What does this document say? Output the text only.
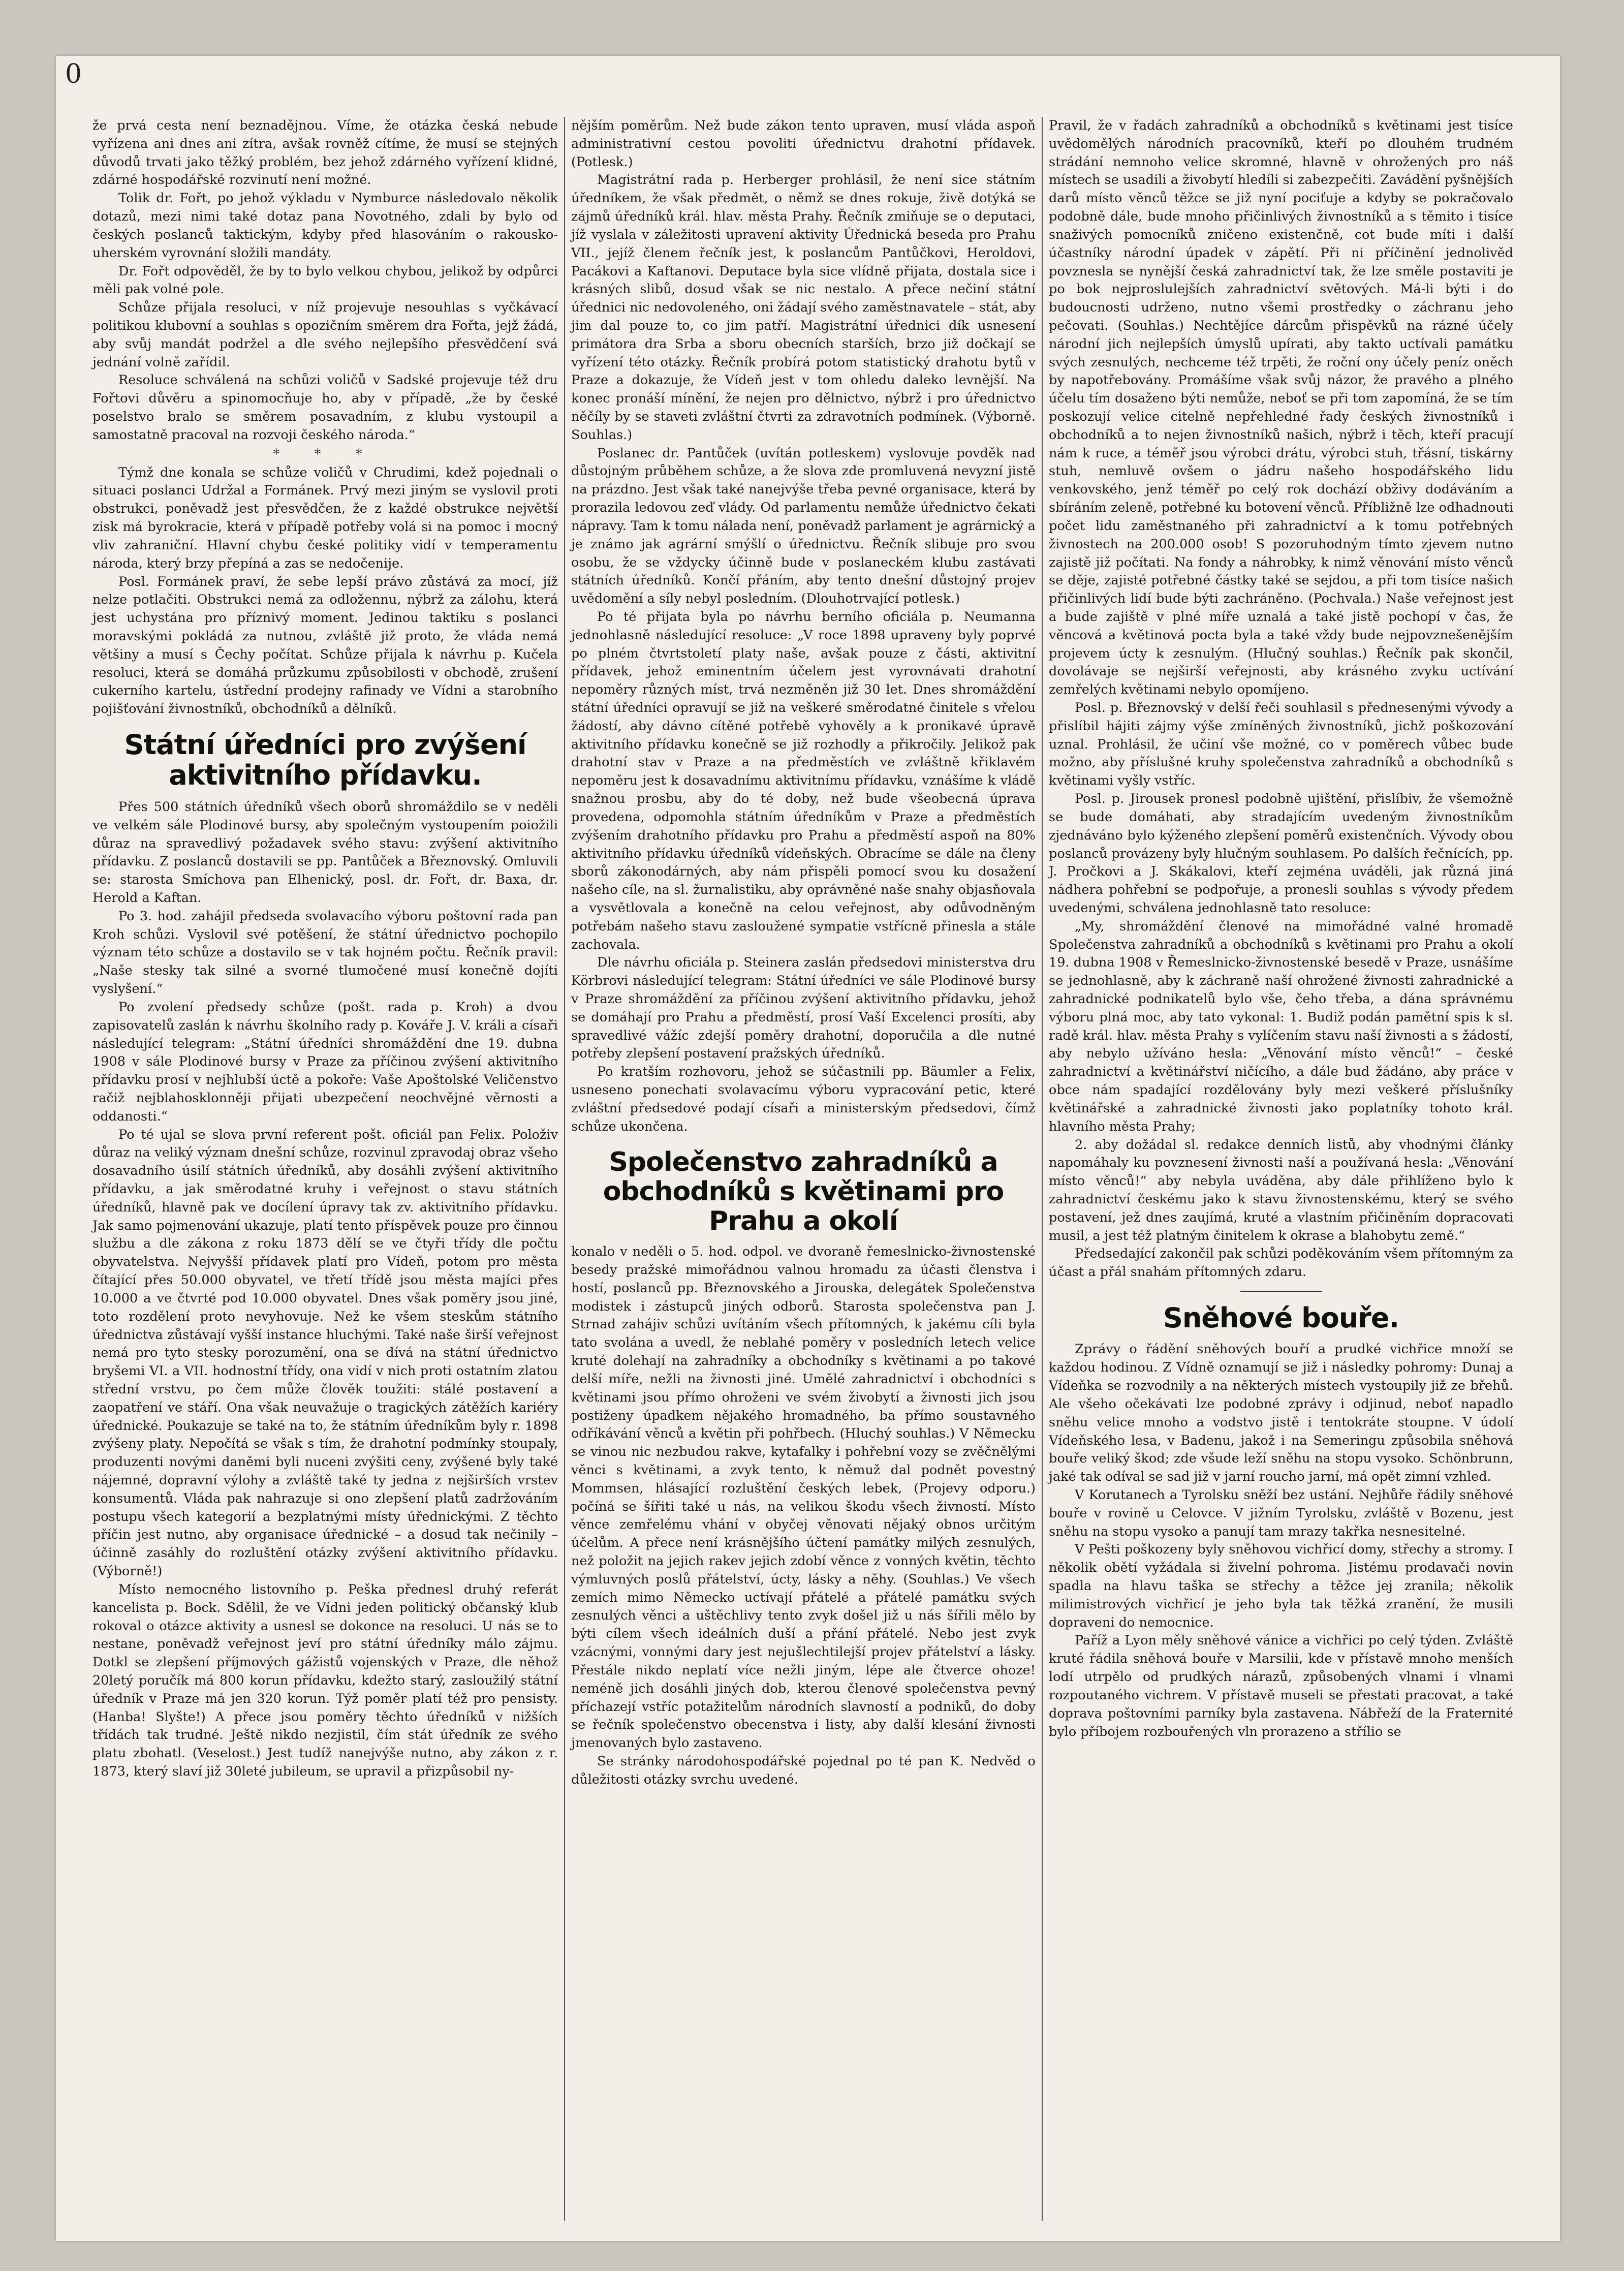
0

že prvá cesta není beznadějnou. Víme, že otázka česká nebude vyřízena ani dnes ani zítra, avšak rovněž cítíme, že musí se stejných důvodů trvati jako těžký problém, bez jehož zdárného vyřízení klidné, zdárné hospodářské rozvinutí není možné.

Tolik dr. Fořt, po jehož výkladu v Nymburce následovalo několik dotazů, mezi nimi také dotaz pana Novotného, zdali by bylo od českých poslanců taktickým, kdyby před hlasováním o rakousko-uherském vyrovnání složili mandáty.

Dr. Fořt odpověděl, že by to bylo velkou chybou, jelikož by odpůrci měli pak volné pole.

Schůze přijala resoluci, v níž projevuje nesouhlas s vyčkávací politikou klubovní a souhlas s opozičním směrem dra Fořta, jejž žádá, aby svůj mandát podržel a dle svého nejlepšího přesvědčení svá jednání volně zařídil.

Resoluce schválená na schůzi voličů v Sadské projevuje též dru Fořtovi důvěru a spinomocňuje ho, aby v případě, „že by české poselstvo bralo se směrem posavadním, z klubu vystoupil a samostatně pracoval na rozvoji českého národa.“

* * *

Týmž dne konala se schůze voličů v Chrudimi, kdež pojednali o situaci poslanci Udržal a Formánek. Prvý mezi jiným se vyslovil proti obstrukci, poněvadž jest přesvědčen, že z každé obstrukce největší zisk má byrokracie, která v případě potřeby volá si na pomoc i mocný vliv zahraniční. Hlavní chybu české politiky vidí v temperamentu národa, který brzy přepíná a zas se nedočenije.

Posl. Formánek praví, že sebe lepší právo zůstává za mocí, jíž nelze potlačiti. Obstrukci nemá za odložennu, nýbrž za zálohu, která jest uchystána pro příznivý moment. Jedinou taktiku s poslanci moravskými pokládá za nutnou, zvláště již proto, že vláda nemá většiny a musí s Čechy počítat. Schůze přijala k návrhu p. Kučela resoluci, která se domáhá průzkumu způsobilosti v obchodě, zrušení cukerního kartelu, ústřední prodejny rafinady ve Vídni a starobního pojišťování živnostníků, obchodníků a dělníků.

Státní úředníci pro zvýšení aktivitního přídavku.

Přes 500 státních úředníků všech oborů shromáždilo se v neděli ve velkém sále Plodinové bursy, aby společným vystoupením poiožili důraz na spravedlivý požadavek svého stavu: zvýšení aktivitního přídavku. Z poslanců dostavili se pp. Pantůček a Březnovský. Omluvili se: starosta Smíchova pan Elhenický, posl. dr. Fořt, dr. Baxa, dr. Herold a Kaftan.

Po 3. hod. zahájil předseda svolavacího výboru poštovní rada pan Kroh schůzi. Vyslovil své potěšení, že státní úřednictvo pochopilo význam této schůze a dostavilo se v tak hojném počtu. Řečník pravil: „Naše stesky tak silné a svorné tlumočené musí konečně dojíti vyslyšení.“

Po zvolení předsedy schůze (pošt. rada p. Kroh) a dvou zapisovatelů zaslán k návrhu školního rady p. Kováře J. V. králi a císaři následující telegram: „Státní úředníci shromáždění dne 19. dubna 1908 v sále Plodinové bursy v Praze za příčinou zvýšení aktivitního přídavku prosí v nejhlubší úctě a pokoře: Vaše Apoštolské Veličenstvo račiž nejblahosklonněji přijati ubezpečení neochvějné věrnosti a oddanosti.“

Po té ujal se slova první referent pošt. oficiál pan Felix. Položiv důraz na veliký význam dnešní schůze, rozvinul zpravodaj obraz všeho dosavadního úsilí státních úředníků, aby dosáhli zvýšení aktivitního přídavku, a jak směrodatné kruhy i veřejnost o stavu státních úředníků, hlavně pak ve docílení úpravy tak zv. aktivitního přídavku. Jak samo pojmenování ukazuje, platí tento příspěvek pouze pro činnou službu a dle zákona z roku 1873 dělí se ve čtyři třídy dle počtu obyvatelstva. Nejvyšší přídavek platí pro Vídeň, potom pro města čítající přes 50.000 obyvatel, ve třetí třídě jsou města majíci přes 10.000 a ve čtvrté pod 10.000 obyvatel. Dnes však poměry jsou jiné, toto rozdělení proto nevyhovuje. Než ke všem steskům státního úřednictva zůstávají vyšší instance hluchými. Také naše širší veřejnost nemá pro tyto stesky porozumění, ona se dívá na státní úřednictvo bryšemi VI. a VII. hodnostní třídy, ona vidí v nich proti ostatním zlatou střední vrstvu, po čem může člověk toužiti: stálé postavení a zaopatření ve stáří. Ona však neuvažuje o tragických zátěžích kariéry úřednické. Poukazuje se také na to, že státním úředníkům byly r. 1898 zvýšeny platy. Nepočítá se však s tím, že drahotní podmínky stoupaly, produzenti novými daněmi byli nuceni zvýšiti ceny, zvýšené byly také nájemné, dopravní výlohy a zvláště také ty jedna z nejširších vrstev konsumentů. Vláda pak nahrazuje si ono zlepšení platů zadržováním postupu všech kategorií a bezplatnými místy úřednickými. Z těchto příčin jest nutno, aby organisace úřednické – a dosud tak nečinily – účinně zasáhly do rozluštění otázky zvýšení aktivitního přídavku. (Výborně!)

Místo nemocného listovního p. Peška přednesl druhý referát kancelista p. Bock. Sdělil, že ve Vídni jeden politický občanský klub rokoval o otázce aktivity a usnesl se dokonce na resoluci. U nás se to nestane, poněvadž veřejnost jeví pro státní úředníky málo zájmu. Dotkl se zlepšení příjmových gážistů vojenských v Praze, dle něhož 20letý poručík má 800 korun přídavku, kdežto starý, zasloužilý státní úředník v Praze má jen 320 korun. Týž poměr platí též pro pensisty. (Hanba! Slyšte!) A přece jsou poměry těchto úředníků v nižších třídách tak trudné. Ještě nikdo nezjistil, čím stát úředník ze svého platu zbohatl. (Veselost.) Jest tudíž nanejvýše nutno, aby zákon z r. 1873, který slaví již 30leté jubileum, se upravil a přizpůsobil ny-

nějším poměrům. Než bude zákon tento upraven, musí vláda aspoň administrativní cestou povoliti úřednictvu drahotní přídavek. (Potlesk.)

Magistrátní rada p. Herberger prohlásil, že není sice státním úředníkem, že však předmět, o němž se dnes rokuje, živě dotýká se zájmů úředníků král. hlav. města Prahy. Řečník zmiňuje se o deputaci, jíž vyslala v záležitosti upravení aktivity Úřednická beseda pro Prahu VII., jejíž členem řečník jest, k poslancům Pantůčkovi, Heroldovi, Pacákovi a Kaftanovi. Deputace byla sice vlídně přijata, dostala sice i krásných slibů, dosud však se nic nestalo. A přece nečiní státní úřednici nic nedovoleného, oni žádají svého zaměstnavatele – stát, aby jim dal pouze to, co jim patří. Magistrátní úřednici dík usnesení primátora dra Srba a sboru obecních starších, brzo již dočkají se vyřízení této otázky. Řečník probírá potom statistický drahotu bytů v Praze a dokazuje, že Vídeň jest v tom ohledu daleko levnější. Na konec pronáší mínění, že nejen pro dělnictvo, nýbrž i pro úřednictvo něčíly by se staveti zvláštní čtvrti za zdravotních podmínek. (Výborně. Souhlas.)

Poslanec dr. Pantůček (uvítán potleskem) vyslovuje povděk nad důstojným průběhem schůze, a že slova zde promluvená nevyzní jistě na prázdno. Jest však také nanejvýše třeba pevné organisace, která by prorazila ledovou zeď vlády. Od parlamentu nemůže úřednictvo čekati nápravy. Tam k tomu nálada není, poněvadž parlament je agrárnický a je známo jak agrární smýšlí o úřednictvu. Řečník slibuje pro svou osobu, že se vždycky účinně bude v poslaneckém klubu zastávati státních úředníků. Končí přáním, aby tento dnešní důstojný projev uvědomění a síly nebyl posledním. (Dlouhotrvající potlesk.)

Po té přijata byla po návrhu berního oficiála p. Neumanna jednohlasně následující resoluce: „V roce 1898 upraveny byly poprvé po plném čtvrtstoletí platy naše, avšak pouze z části, aktivitní přídavek, jehož eminentním účelem jest vyrovnávati drahotní nepoměry různých míst, trvá nezměněn již 30 let. Dnes shromáždění státní úředníci opravují se již na veškeré směrodatné činitele s vřelou žádostí, aby dávno cítěné potřebě vyhověly a k pronikavé úpravě aktivitního přídavku konečně se již rozhodly a přikročily. Jelikož pak drahotní stav v Praze a na předměstích ve zvláštně křiklavém nepoměru jest k dosavadnímu aktivitnímu přídavku, vznášíme k vládě snažnou prosbu, aby do té doby, než bude všeobecná úprava provedena, odpomohla státním úředníkům v Praze a předměstích zvýšením drahotního přídavku pro Prahu a předměstí aspoň na 80% aktivitního přídavku úředníků vídeňských. Obracíme se dále na členy sborů zákonodárných, aby nám přispěli pomocí svou ku dosažení našeho cíle, na sl. žurnalistiku, aby oprávněné naše snahy objasňovala a vysvětlovala a konečně na celou veřejnost, aby odůvodněným potřebám našeho stavu zasloužené sympatie vstřícně přinesla a stále zachovala.

Dle návrhu oficiála p. Steinera zaslán předsedovi ministerstva dru Körbrovi následující telegram: Státní úředníci ve sále Plodinové bursy v Praze shromáždění za příčinou zvýšení aktivitního přídavku, jehož se domáhají pro Prahu a předměstí, prosí Vaší Excelenci prosíti, aby spravedlivé vážíc zdejší poměry drahotní, doporučila a dle nutné potřeby zlepšení postavení pražských úředníků.

Po kratším rozhovoru, jehož se súčastnili pp. Bäumler a Felix, usneseno ponechati svolavacímu výboru vypracování petic, které zvláštní předsedové podají císaři a ministerským předsedovi, čímž schůze ukončena.

Společenstvo zahradníků a obchodníků s květinami pro Prahu a okolí

konalo v neděli o 5. hod. odpol. ve dvoraně řemeslnicko-živnostenské besedy pražské mimořádnou valnou hromadu za účasti členstva i hostí, poslanců pp. Březnovského a Jirouska, delegátek Společenstva modistek i zástupců jiných odborů. Starosta společenstva pan J. Strnad zahájiv schůzi uvítáním všech přítomných, k jakému cíli byla tato svolána a uvedl, že neblahé poměry v posledních letech velice kruté dolehají na zahradníky a obchodníky s květinami a po takové delší míře, nežli na živnosti jiné. Umělé zahradnictví i obchodníci s květinami jsou přímo ohroženi ve svém živobytí a živnosti jich jsou postiženy úpadkem nějakého hromadného, ba přímo soustavného odříkávání věnců a květin při pohřbech. (Hluchý souhlas.) V Německu se vinou nic nezbudou rakve, kytafalky i pohřební vozy se zvěčnělými věnci s květinami, a zvyk tento, k němuž dal podnět povestný Mommsen, hlásající rozluštění českých lebek, (Projevy odporu.) počíná se šířiti také u nás, na velikou škodu všech živností. Místo věnce zemřelému vhání v obyčej věnovati nějaký obnos určitým účelům. A přece není krásnějšího účtení památky milých zesnulých, než položit na jejich rakev jejich zdobí věnce z vonných květin, těchto výmluvných poslů přátelství, úcty, lásky a něhy. (Souhlas.) Ve všech zemích mimo Německo uctívají přátelé a přátelé památku svých zesnulých věnci a uštěchlivy tento zvyk došel již u nás šířili mělo by býti cílem všech ideálních duší a přání přátelé. Nebo jest zvyk vzácnými, vonnými dary jest nejušlechtilejší projev přátelství a lásky. Přestále nikdo neplatí více nežli jiným, lépe ale čtverce ohoze! neméně jich dosáhli jiných dob, kterou členové společenstva pevný příchazejí vstříc potažitelům národních slavností a podniků, do doby se řečník společenstvo obecenstva i listy, aby další klesání živnosti jmenovaných bylo zastaveno.

Se stránky národohospodářské pojednal po té pan K. Nedvěd o důležitosti otázky svrchu uvedené.

Pravil, že v řadách zahradníků a obchodníků s květinami jest tisíce uvědomělých národních pracovníků, kteří po dlouhém trudném strádání nemnoho velice skromné, hlavně v ohrožených pro náš místech se usadili a živobytí hledíli si zabezpečiti. Zavádění pyšnějších darů místo věnců těžce se již nyní pociťuje a kdyby se pokračovalo podobně dále, bude mnoho přičinlivých živnostníků a s těmito i tisíce snaživých pomocníků zničeno existenčně, cot bude míti i další účastníky národní úpadek v zápětí. Při ni příčinění jednolivěd povznesla se nynější česká zahradnictví tak, že lze směle postaviti je po bok nejproslulejších zahradnictví světových. Má-li býti i do budoucnosti udrženo, nutno všemi prostředky o záchranu jeho pečovati. (Souhlas.) Nechtějíce dárcům přispěvků na rázné účely národní jich nejlepších úmyslů upírati, aby takto uctívali památku svých zesnulých, nechceme též trpěti, že roční ony účely peníz oněch by napotřebovány. Promášíme však svůj názor, že pravého a plného účelu tím dosaženo býti nemůže, neboť se při tom zapomíná, že se tím poskozují velice citelně nepřehledné řady českých živnostníků i obchodníků a to nejen živnostníků našich, nýbrž i těch, kteří pracují nám k ruce, a téměř jsou výrobci drátu, výrobci stuh, třásní, tiskárny stuh, nemluvě ovšem o jádru našeho hospodářského lidu venkovského, jenž téměř po celý rok dochází obživy dodáváním a sbíráním zeleně, potřebné ku botovení věnců. Příbližně lze odhadnouti počet lidu zaměstnaného při zahradnictví a k tomu potřebných živnostech na 200.000 osob! S pozoruhodným tímto zjevem nutno zajistě již počítati. Na fondy a náhrobky, k nimž věnování místo věnců se děje, zajisté potřebné částky také se sejdou, a při tom tisíce našich přičinlivých lidí bude býti zachráněno. (Pochvala.) Naše veřejnost jest a bude zajiště v plné míře uznalá a také jistě pochopí v čas, že věncová a květinová pocta byla a také vždy bude nejpovznešenějším projevem úcty k zesnulým. (Hlučný souhlas.) Řečník pak skončil, dovolávaje se nejširší veřejnosti, aby krásného zvyku uctívání zemřelých květinami nebylo opomíjeno.

Posl. p. Březnovský v delší řeči souhlasil s přednesenými vývody a přislíbil hájiti zájmy výše zmíněných živnostníků, jichž poškozování uznal. Prohlásil, že učiní vše možné, co v poměrech vůbec bude možno, aby příslušné kruhy společenstva zahradníků a obchodníků s květinami vyšly vstříc.

Posl. p. Jirousek pronesl podobně ujištění, přislíbiv, že všemožně se bude domáhati, aby stradajícím uvedeným živnostníkům zjednáváno bylo kýženého zlepšení poměrů existenčních. Vývody obou poslanců provázeny byly hlučným souhlasem. Po dalších řečnících, pp. J. Pročkovi a J. Skákalovi, kteří zejména uváděli, jak různá jiná nádhera pohřební se podpořuje, a pronesli souhlas s vývody předem uvedenými, schválena jednohlasně tato resoluce:

„My, shromáždění členové na mimořádné valné hromadě Společenstva zahradníků a obchodníků s květinami pro Prahu a okolí 19. dubna 1908 v Řemeslnicko-živnostenské besedě v Praze, usnášíme se jednohlasně, aby k záchraně naší ohrožené živnosti zahradnické a zahradnické podnikatelů bylo vše, čeho třeba, a dána správnému výboru plná moc, aby tato vykonal: 1. Budiž podán pamětní spis k sl. radě král. hlav. města Prahy s vylíčením stavu naší živnosti a s žádostí, aby nebylo užíváno hesla: „Věnování místo věnců!“ – české zahradnictví a květinářství ničícího, a dále bud žádáno, aby práce v obce nám spadající rozdělovány byly mezi veškeré příslušníky květinářské a zahradnické živnosti jako poplatníky tohoto král. hlavního města Prahy;

2. aby dožádal sl. redakce denních listů, aby vhodnými články napomáhaly ku povznesení živnosti naší a používaná hesla: „Věnování místo věnců!“ aby nebyla uváděna, aby dále přihlíženo bylo k zahradnictví českému jako k stavu živnostenskému, který se svého postavení, jež dnes zaujímá, kruté a vlastním přičiněním dopracovati musil, a jest též platným činitelem k okrase a blahobytu země.“

Předsedající zakončil pak schůzi poděkováním všem přítomným za účast a přál snahám přítomných zdaru.

Sněhové bouře.

Zprávy o řádění sněhových bouří a prudké vichřice množí se každou hodinou. Z Vídně oznamují se již i následky pohromy: Dunaj a Vídeňka se rozvodnily a na některých místech vystoupily již ze břehů. Ale všeho očekávati lze podobné zprávy i odjinud, neboť napadlo sněhu velice mnoho a vodstvo jistě i tentokráte stoupne. V údolí Vídeňského lesa, v Badenu, jakož i na Semeringu způsobila sněhová bouře veliký škod; zde všude leží sněhu na stopu vysoko. Schönbrunn, jaké tak odíval se sad již v jarní roucho jarní, má opět zimní vzhled.

V Korutanech a Tyrolsku sněží bez ustání. Nejhůře řádily sněhové bouře v rovině u Celovce. V jižním Tyrolsku, zvláště v Bozenu, jest sněhu na stopu vysoko a panují tam mrazy takřka nesnesitelné.

V Pešti poškozeny byly sněhovou vichřicí domy, střechy a stromy. I několik obětí vyžádala si živelní pohroma. Jistému prodavači novin spadla na hlavu taška se střechy a těžce jej zranila; několik milimistrových vichřicí je jeho byla tak těžká zranění, že musili dopraveni do nemocnice.

Paříž a Lyon měly sněhové vánice a vichřici po celý týden. Zvláště kruté řádila sněhová bouře v Marsilii, kde v přístavě mnoho menších lodí utrpělo od prudkých nárazů, způsobených vlnami i vlnami rozpoutaného vichrem. V přístavě museli se přestati pracovat, a také doprava poštovními parníky byla zastavena. Nábřeží de la Fraternité bylo příbojem rozbouřených vln prorazeno a střílio se
